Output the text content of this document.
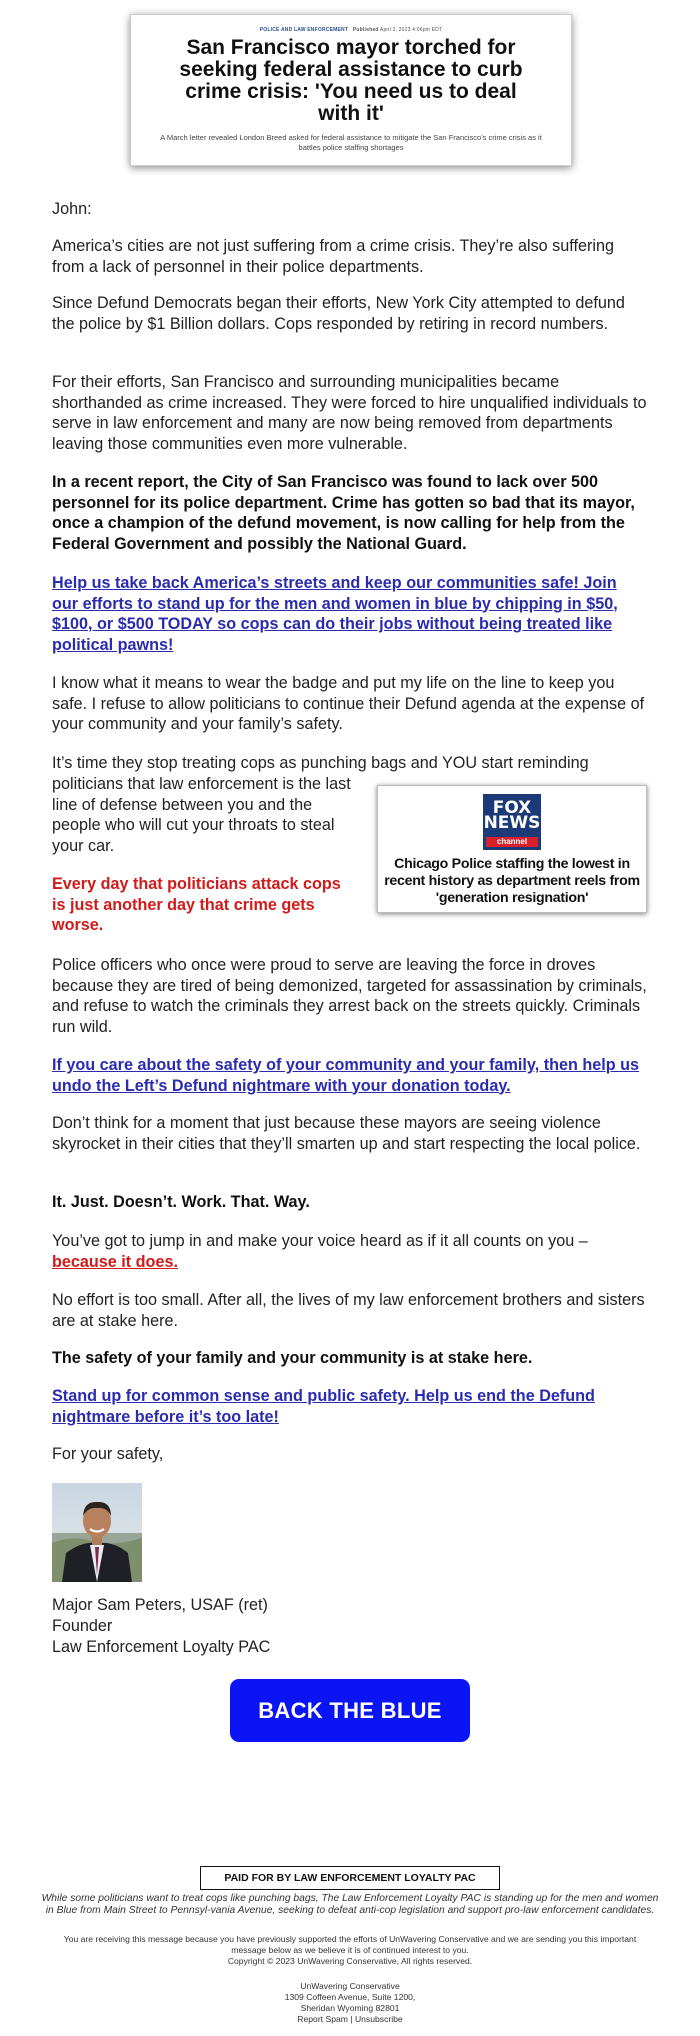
POLICE AND LAW ENFORCEMENT Published April 3, 2023 4:06pm EDT

San Francisco mayor torched for seeking federal assistance to curb crime crisis: 'You need us to deal with it'

A March letter revealed London Breed asked for federal assistance to mitigate the San Francisco's crime crisis as it battles police staffing shortages

John:

America’s cities are not just suffering from a crime crisis. They’re also suffering from a lack of personnel in their police departments.

Since Defund Democrats began their efforts, New York City attempted to defund the police by $1 Billion dollars. Cops responded by retiring in record numbers.

For their efforts, San Francisco and surrounding municipalities became shorthanded as crime increased. They were forced to hire unqualified individuals to serve in law enforcement and many are now being removed from departments leaving those communities even more vulnerable.

In a recent report, the City of San Francisco was found to lack over 500 personnel for its police department. Crime has gotten so bad that its mayor, once a champion of the defund movement, is now calling for help from the Federal Government and possibly the National Guard.

Help us take back America’s streets and keep our communities safe! Join our efforts to stand up for the men and women in blue by chipping in $50, $100, or $500 TODAY so cops can do their jobs without being treated like political pawns!

I know what it means to wear the badge and put my life on the line to keep you safe. I refuse to allow politicians to continue their Defund agenda at the expense of your community and your family’s safety.

It’s time they stop treating cops as punching bags and YOU start reminding

politicians that law enforcement is the last line of defense between you and the people who will cut your throats to steal your car.

Every day that politicians attack cops is just another day that crime gets worse.

FOX NEWS
channel
Chicago Police staffing the lowest in recent history as department reels from 'generation resignation'

Police officers who once were proud to serve are leaving the force in droves because they are tired of being demonized, targeted for assassination by criminals, and refuse to watch the criminals they arrest back on the streets quickly. Criminals run wild.

If you care about the safety of your community and your family, then help us undo the Left’s Defund nightmare with your donation today.

Don’t think for a moment that just because these mayors are seeing violence skyrocket in their cities that they’ll smarten up and start respecting the local police.

It. Just. Doesn’t. Work. That. Way.

You’ve got to jump in and make your voice heard as if it all counts on you –
because it does.

No effort is too small. After all, the lives of my law enforcement brothers and sisters are at stake here.

The safety of your family and your community is at stake here.

Stand up for common sense and public safety. Help us end the Defund nightmare before it’s too late!

For your safety,

Major Sam Peters, USAF (ret)

Founder

Law Enforcement Loyalty PAC

BACK THE BLUE
PAID FOR BY LAW ENFORCEMENT LOYALTY PAC

While some politicians want to treat cops like punching bags, The Law Enforcement Loyalty PAC is standing up for the men and women in Blue from Main Street to Pennsyl-vania Avenue, seeking to defeat anti-cop legislation and support pro-law enforcement candidates.

You are receiving this message because you have previously supported the efforts of UnWavering Conservative and we are sending you this important message below as we believe it is of continued interest to you.

Copyright © 2023 UnWavering Conservative, All rights reserved.

UnWavering Conservative

1309 Coffeen Avenue, Suite 1200,

Sheridan Wyoming 82801

Report Spam | Unsubscribe
